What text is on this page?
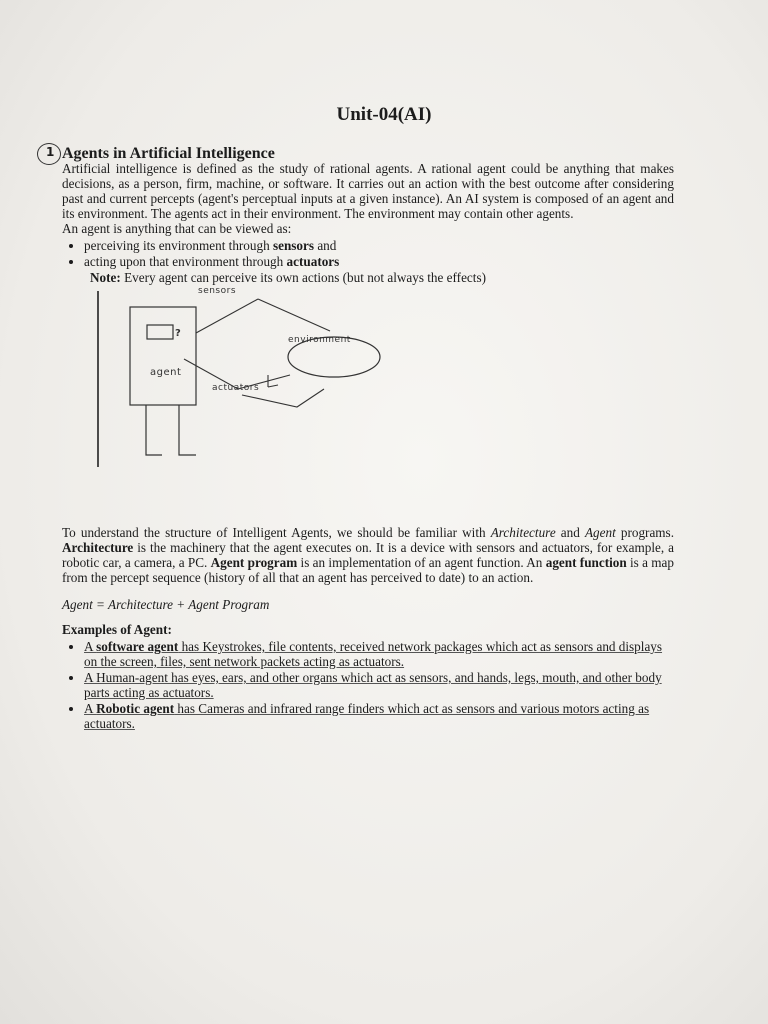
Unit-04(AI)
1 Agents in Artificial Intelligence

Artificial intelligence is defined as the study of rational agents. A rational agent could be anything that makes decisions, as a person, firm, machine, or software. It carries out an action with the best outcome after considering past and current percepts (agent's perceptual inputs at a given instance). An AI system is composed of an agent and its environment. The agents act in their environment. The environment may contain other agents.

An agent is anything that can be viewed as:

• perceiving its environment through sensors and
• acting upon that environment through actuators
Note: Every agent can perceive its own actions (but not always the effects)
sensors
?
agent
environment
actuators

To understand the structure of Intelligent Agents, we should be familiar with Architecture and Agent programs. Architecture is the machinery that the agent executes on. It is a device with sensors and actuators, for example, a robotic car, a camera, a PC. Agent program is an implementation of an agent function. An agent function is a map from the percept sequence (history of all that an agent has perceived to date) to an action.

Agent = Architecture + Agent Program
Examples of Agent:
• A software agent has Keystrokes, file contents, received network packages which act as sensors and displays on the screen, files, sent network packets acting as actuators.
• A Human-agent has eyes, ears, and other organs which act as sensors, and hands, legs, mouth, and other body parts acting as actuators.
• A Robotic agent has Cameras and infrared range finders which act as sensors and various motors acting as actuators.
